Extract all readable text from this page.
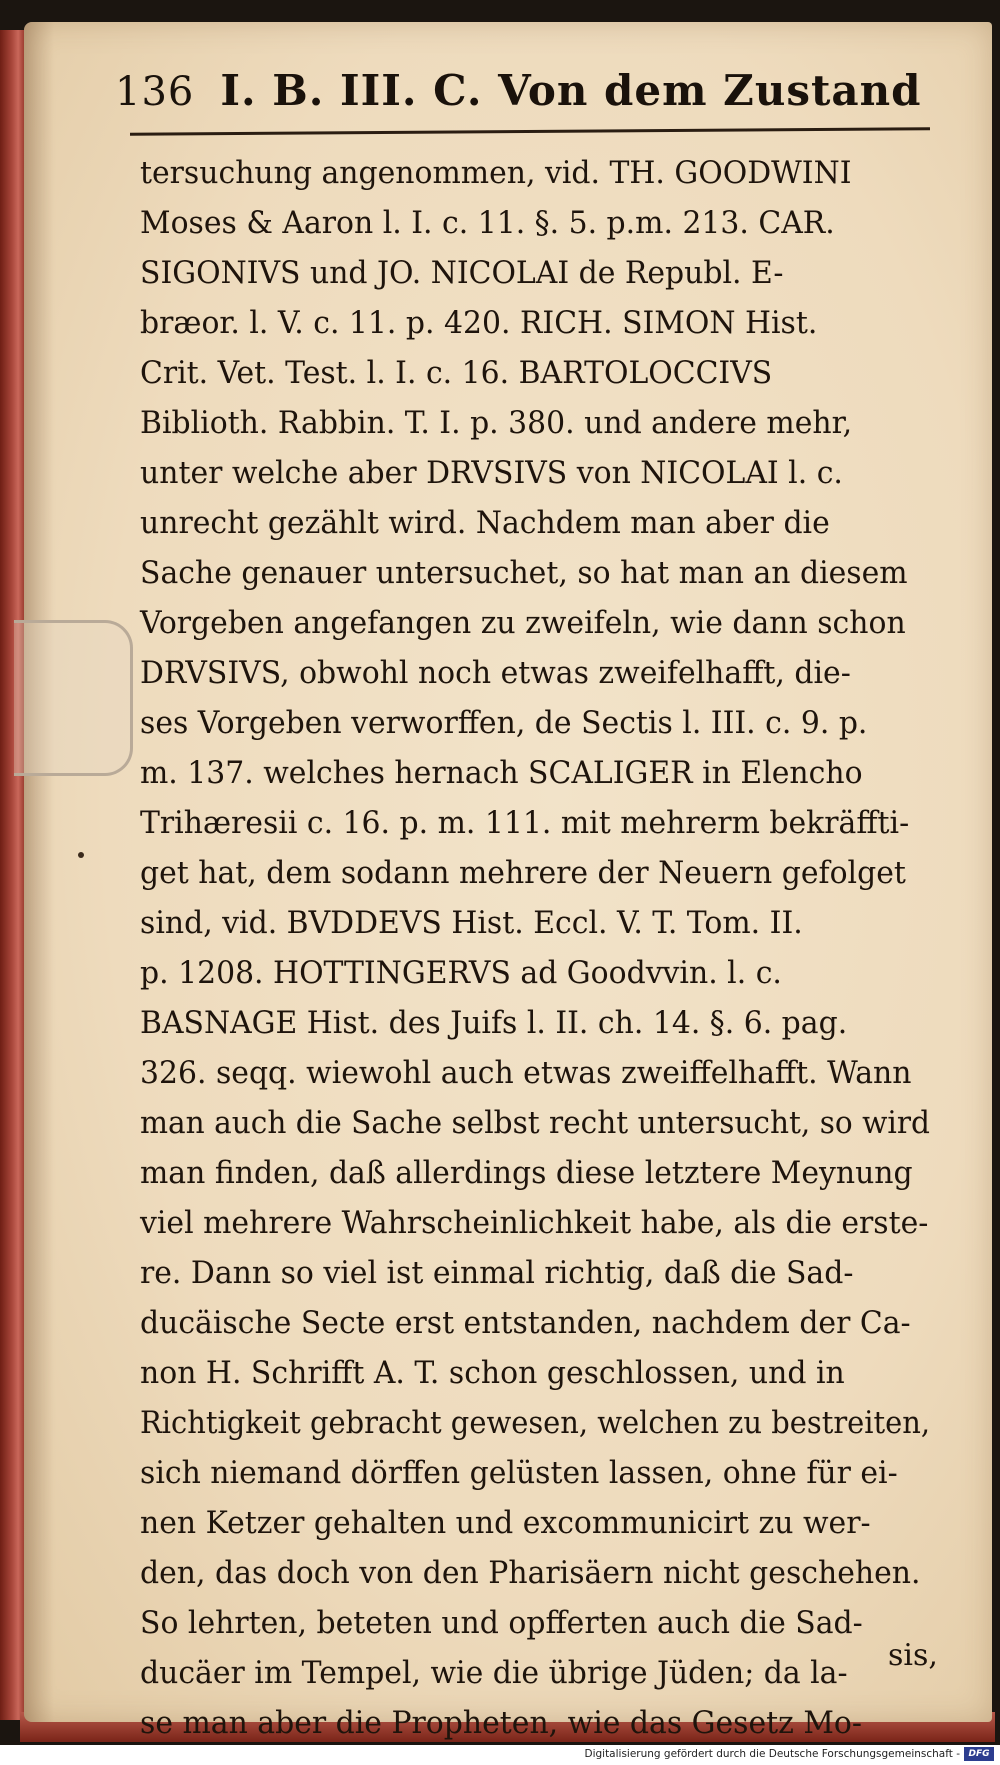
136 I. B. III. C. Von dem Zustand
tersuchung angenommen, vid. TH. GOODWINI
Moses & Aaron l. I. c. 11. §. 5. p.m. 213. CAR.
SIGONIVS und JO. NICOLAI de Republ. E-
bræor. l. V. c. 11. p. 420. RICH. SIMON Hist.
Crit. Vet. Test. l. I. c. 16. BARTOLOCCIVS
Biblioth. Rabbin. T. I. p. 380. und andere mehr,
unter welche aber DRVSIVS von NICOLAI l. c.
unrecht gezählt wird. Nachdem man aber die
Sache genauer untersuchet, so hat man an diesem
Vorgeben angefangen zu zweifeln, wie dann schon
DRVSIVS, obwohl noch etwas zweifelhafft, die-
ses Vorgeben verworffen, de Sectis l. III. c. 9. p.
m. 137. welches hernach SCALIGER in Elencho
Trihæresii c. 16. p. m. 111. mit mehrerm bekräffti-
get hat, dem sodann mehrere der Neuern gefolget
sind, vid. BVDDEVS Hist. Eccl. V. T. Tom. II.
p. 1208. HOTTINGERVS ad Goodvvin. l. c.
BASNAGE Hist. des Juifs l. II. ch. 14. §. 6. pag.
326. seqq. wiewohl auch etwas zweiffelhafft. Wann
man auch die Sache selbst recht untersucht, so wird
man finden, daß allerdings diese letztere Meynung
viel mehrere Wahrscheinlichkeit habe, als die erste-
re. Dann so viel ist einmal richtig, daß die Sad-
ducäische Secte erst entstanden, nachdem der Ca-
non H. Schrifft A. T. schon geschlossen, und in
Richtigkeit gebracht gewesen, welchen zu bestreiten,
sich niemand dörffen gelüsten lassen, ohne für ei-
nen Ketzer gehalten und excommunicirt zu wer-
den, das doch von den Pharisäern nicht geschehen.
So lehrten, beteten und opfferten auch die Sad-
ducäer im Tempel, wie die übrige Jüden; da la-
se man aber die Propheten, wie das Gesetz Mo-
sis,
Digitalisierung gefördert durch die Deutsche Forschungsgemeinschaft - DFG
